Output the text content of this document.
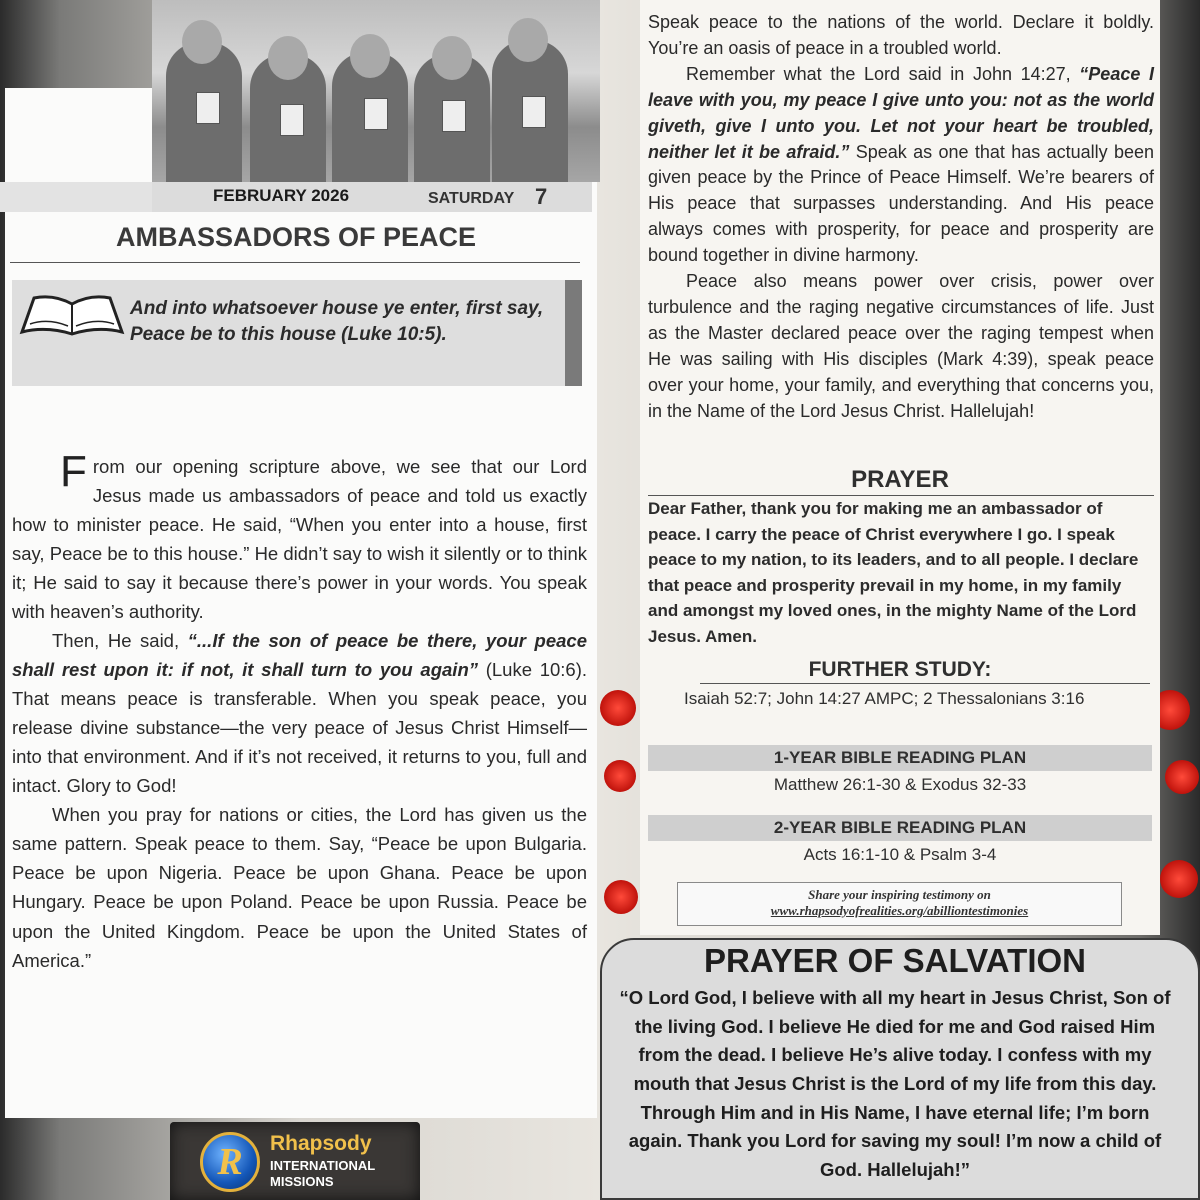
FEBRUARY 2026	SATURDAY 7
AMBASSADORS OF PEACE
And into whatsoever house ye enter, first say, Peace be to this house (Luke 10:5).

From our opening scripture above, we see that our Lord Jesus made us ambassadors of peace and told us exactly how to minister peace. He said, “When you enter into a house, first say, Peace be to this house.” He didn’t say to wish it silently or to think it; He said to say it because there’s power in your words. You speak with heaven’s authority.

Then, He said, “...If the son of peace be there, your peace shall rest upon it: if not, it shall turn to you again” (Luke 10:6). That means peace is transferable. When you speak peace, you release divine substance—the very peace of Jesus Christ Himself—into that environment. And if it’s not received, it returns to you, full and intact. Glory to God!

When you pray for nations or cities, the Lord has given us the same pattern. Speak peace to them. Say, “Peace be upon Bulgaria. Peace be upon Nigeria. Peace be upon Ghana. Peace be upon Hungary. Peace be upon Poland. Peace be upon Russia. Peace be upon the United Kingdom. Peace be upon the United States of America.”

R	Rhapsody
INTERNATIONAL
MISSIONS

Speak peace to the nations of the world. Declare it boldly. You’re an oasis of peace in a troubled world.

Remember what the Lord said in John 14:27, “Peace I leave with you, my peace I give unto you: not as the world giveth, give I unto you. Let not your heart be troubled, neither let it be afraid.” Speak as one that has actually been given peace by the Prince of Peace Himself. We’re bearers of His peace that surpasses understanding. And His peace always comes with prosperity, for peace and prosperity are bound together in divine harmony.

Peace also means power over crisis, power over turbulence and the raging negative circumstances of life. Just as the Master declared peace over the raging tempest when He was sailing with His disciples (Mark 4:39), speak peace over your home, your family, and everything that concerns you, in the Name of the Lord Jesus Christ. Hallelujah!

PRAYER
Dear Father, thank you for making me an ambassador of peace. I carry the peace of Christ everywhere I go. I speak peace to my nation, to its leaders, and to all people. I declare that peace and prosperity prevail in my home, in my family and amongst my loved ones, in the mighty Name of the Lord Jesus. Amen.
FURTHER STUDY:
Isaiah 52:7; John 14:27 AMPC; 2 Thessalonians 3:16
1-YEAR BIBLE READING PLAN
Matthew 26:1-30 & Exodus 32-33
2-YEAR BIBLE READING PLAN
Acts 16:1-10 & Psalm 3-4
Share your inspiring testimony on
www.rhapsodyofrealities.org/abilliontestimonies
PRAYER OF SALVATION
“O Lord God, I believe with all my heart in Jesus Christ, Son of the living God. I believe He died for me and God raised Him from the dead. I believe He’s alive today. I confess with my mouth that Jesus Christ is the Lord of my life from this day. Through Him and in His Name, I have eternal life; I’m born again. Thank you Lord for saving my soul! I’m now a child of God. Hallelujah!”
